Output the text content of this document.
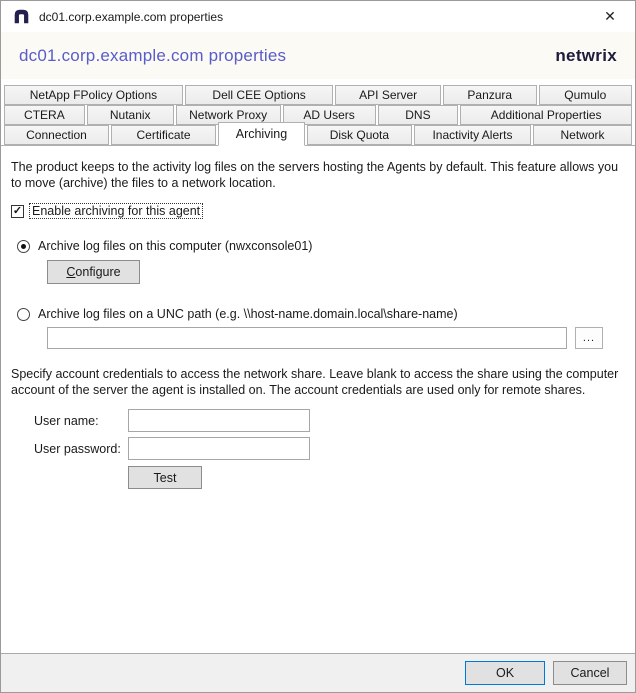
dc01.corp.example.com properties	✕
dc01.corp.example.com properties	netwrix
NetApp FPolicy Options	Dell CEE Options	API Server	Panzura	Qumulo
CTERA	Nutanix	Network Proxy	AD Users	DNS	Additional Properties
Connection	Certificate	Archiving	Disk Quota	Inactivity Alerts	Network
The product keeps to the activity log files on the servers hosting the Agents by default. This feature allows you to move (archive) the files to a network location.
✓ Enable archiving for this agent
Archive log files on this computer (nwxconsole01)
C onfigure
Archive log files on a UNC path (e.g. \\host-name.domain.local\share-name)
...
Specify account credentials to access the network share. Leave blank to access the share using the computer account of the server the agent is installed on. The account credentials are used only for remote shares.
User name:
User password:
Test
OK	Cancel
